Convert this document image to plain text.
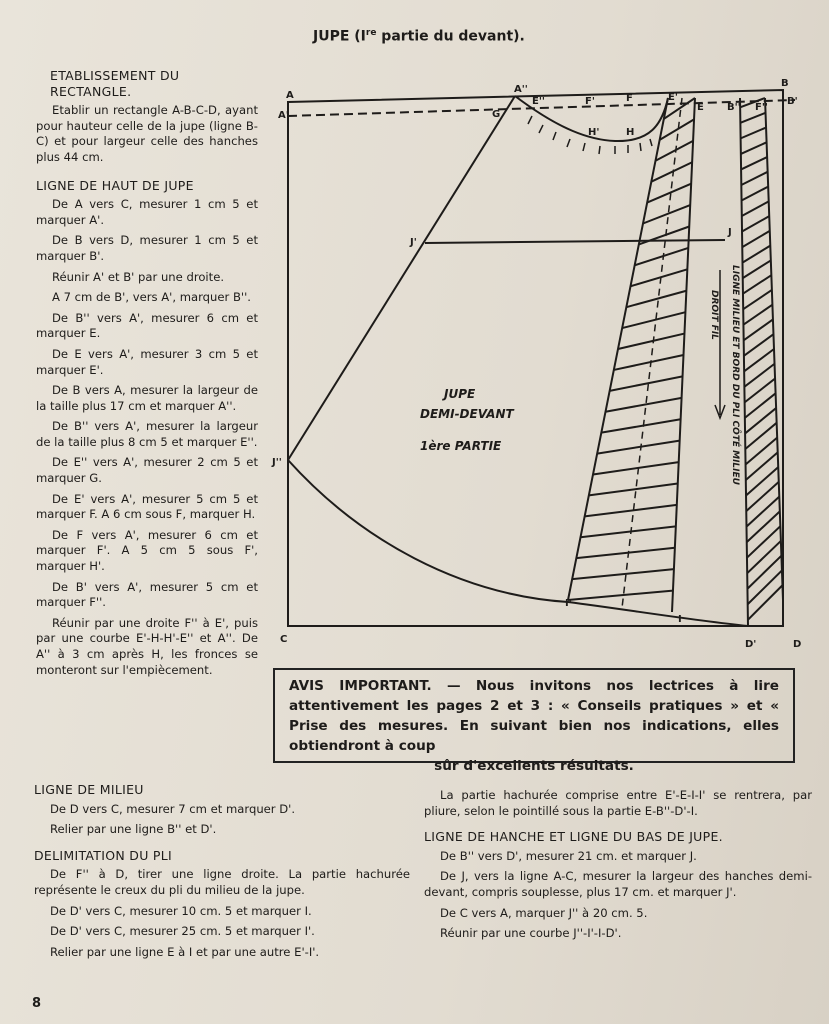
JUPE (Ire partie du devant).
ETABLISSEMENT DU RECTANGLE.

Etablir un rectangle A-B-C-D, ayant pour hauteur celle de la jupe (ligne B-C) et pour largeur celle des hanches plus 44 cm.

LIGNE DE HAUT DE JUPE

De A vers C, mesurer 1 cm 5 et marquer A'.

De B vers D, mesurer 1 cm 5 et marquer B'.

Réunir A' et B' par une droite.

A 7 cm de B', vers A', marquer B''.

De B'' vers A', mesurer 6 cm et marquer E.

De E vers A', mesurer 3 cm 5 et marquer E'.

De B vers A, mesurer la largeur de la taille plus 17 cm et marquer A''.

De B'' vers A', mesurer la largeur de la taille plus 8 cm 5 et marquer E''.

De E'' vers A', mesurer 2 cm 5 et marquer G.

De E' vers A', mesurer 5 cm 5 et marquer F. A 6 cm sous F, marquer H.

De F vers A', mesurer 6 cm et marquer F'. A 5 cm 5 sous F', marquer H'.

De B' vers A', mesurer 5 cm et marquer F''.

Réunir par une droite F'' à E', puis par une courbe E'-H-H'-E'' et A''. De A'' à 3 cm après H, les fronces se monteront sur l'empiècement.

A
A'
A''
G
E''	F'	F	E'
E B'' F''
B
B'
H'	H
J'
J
J''
I'
I
C	D'	D
JUPE
DEMI-DEVANT
1ère PARTIE	LIGNE MILIEU ET BORD DU PLI CÔTÉ MILIEU
DROIT FIL
AVIS IMPORTANT. — Nous invitons nos lectrices à lire attentivement les pages 2 et 3 : « Conseils pratiques » et « Prise des mesures. En suivant bien nos indications, elles obtiendront à coup
sûr d'excellents résultats.
LIGNE DE MILIEU

De D vers C, mesurer 7 cm et marquer D'.

Relier par une ligne B'' et D'.

DELIMITATION DU PLI

De F'' à D, tirer une ligne droite. La partie hachurée représente le creux du pli du milieu de la jupe.

De D' vers C, mesurer 10 cm. 5 et marquer I.

De D' vers C, mesurer 25 cm. 5 et marquer I'.

Relier par une ligne E à I et par une autre E'-I'.

La partie hachurée comprise entre E'-E-I-I' se rentrera, par pliure, selon le pointillé sous la partie E-B''-D'-I.

LIGNE DE HANCHE ET LIGNE DU BAS DE JUPE.

De B'' vers D', mesurer 21 cm. et marquer J.

De J, vers la ligne A-C, mesurer la largeur des hanches demi-devant, compris souplesse, plus 17 cm. et marquer J'.

De C vers A, marquer J'' à 20 cm. 5.

Réunir par une courbe J''-I'-I-D'.

8
